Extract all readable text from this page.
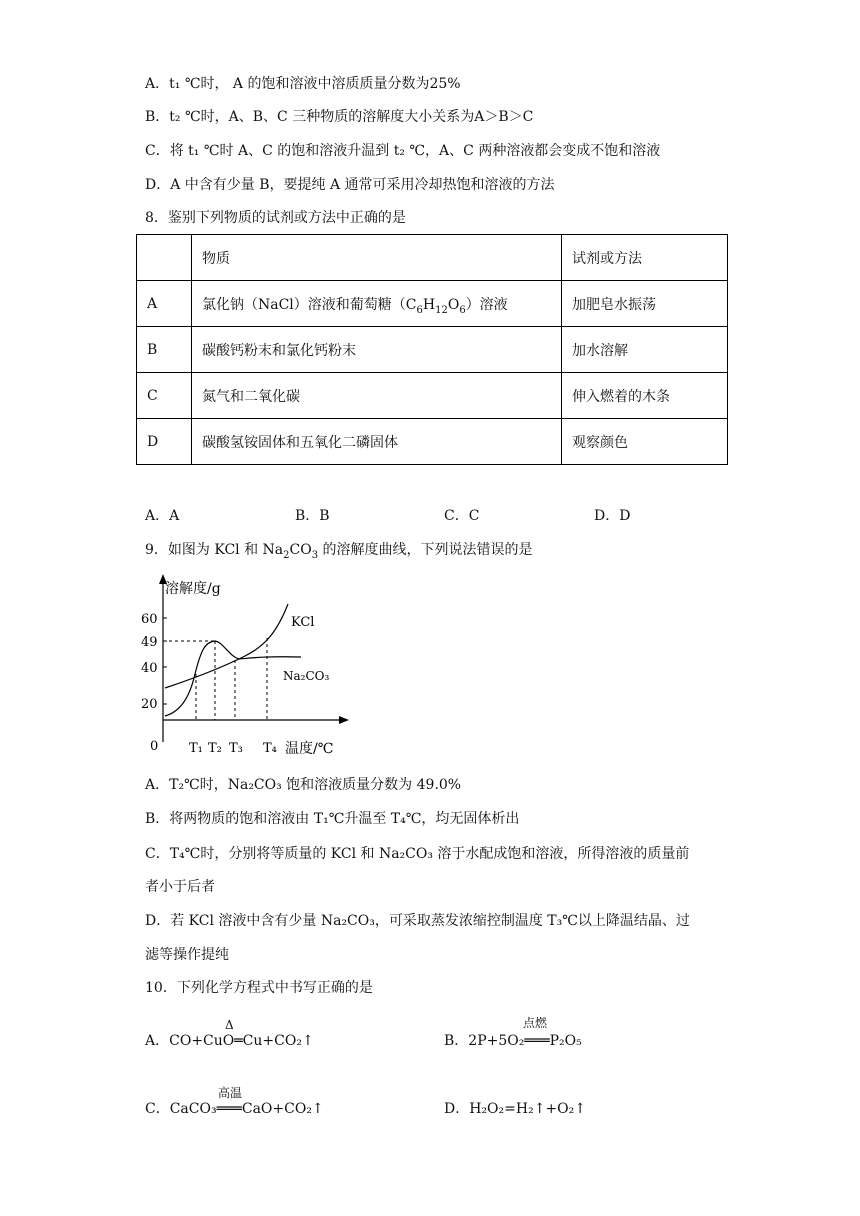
A．t₁ ℃时， A 的饱和溶液中溶质质量分数为25%
B．t₂ ℃时，A、B、C 三种物质的溶解度大小关系为A＞B＞C
C．将 t₁ ℃时 A、C 的饱和溶液升温到 t₂ ℃，A、C 两种溶液都会变成不饱和溶液
D．A 中含有少量 B，要提纯 A 通常可采用冷却热饱和溶液的方法
8．鉴别下列物质的试剂或方法中正确的是
	物质	试剂或方法
A	氯化钠（NaCl）溶液和葡萄糖$(C_6H_{12}O_6)$溶液	加肥皂水振荡
B	碳酸钙粉末和氯化钙粉末	加水溶解
C	氮气和二氧化碳	伸入燃着的木条
D	碳酸氢铵固体和五氧化二磷固体	观察颜色
A．A	B．B	C．C	D．D
9．如图为 KCl 和 $Na_2CO_3$ 的溶解度曲线，下列说法错误的是
60
49
40
20
溶解度/g
0	温度/℃
T₁ T₂ T₃ T₄
KCl
Na₂CO₃
A．T₂℃时，Na₂CO₃ 饱和溶液质量分数为 49.0%
B．将两物质的饱和溶液由 T₁℃升温至 T₄℃，均无固体析出
C．T₄℃时，分别将等质量的 KCl 和 Na₂CO₃ 溶于水配成饱和溶液，所得溶液的质量前
者小于后者
D．若 KCl 溶液中含有少量 Na₂CO₃，可采取蒸发浓缩控制温度 T₃℃以上降温结晶、过
滤等操作提纯
10．下列化学方程式中书写正确的是
A．CO+CuO═Cu+CO₂↑
Δ
B．2P+5O₂═══P₂O₅
点燃
C．CaCO₃═══CaO+CO₂↑
高温
D．H₂O₂=H₂↑+O₂↑
